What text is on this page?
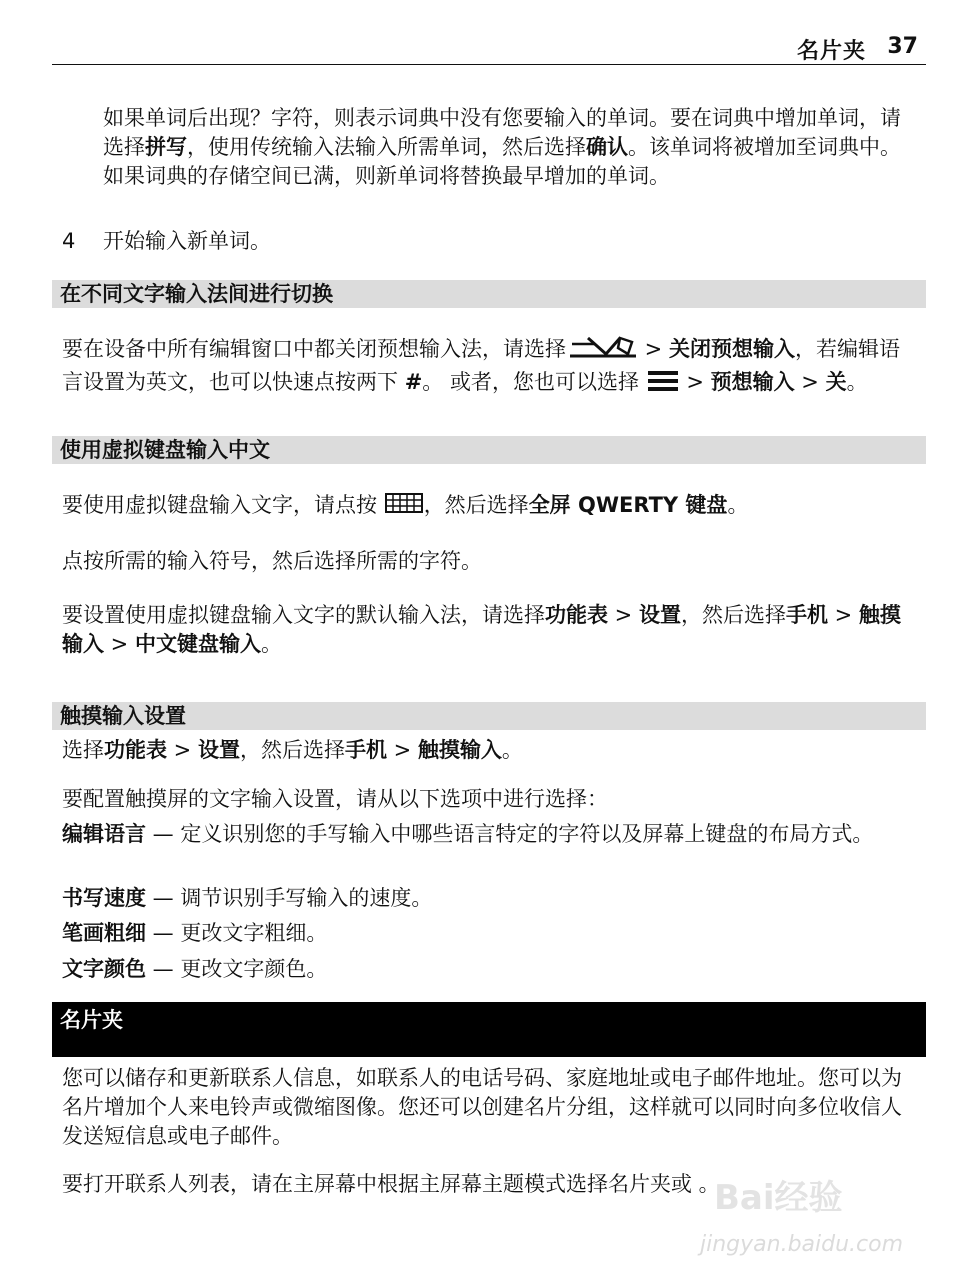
名片夹 37

如果单词后出现？字符，则表示词典中没有您要输入的单词。要在词典中增加单词，请选择拼写，使用传统输入法输入所需单词，然后选择确认。该单词将被增加至词典中。如果词典的存储空间已满，则新单词将替换最早增加的单词。

4 开始输入新单词。

在不同文字输入法间进行切换

要在设备中所有编辑窗口中都关闭预想输入法，请选择	> 关闭预想输入，若编辑语言设置为英文，也可以快速点按两下 #。 或者，您也可以选择  > 预想输入 > 关。

使用虚拟键盘输入中文

要使用虚拟键盘输入文字，请点按 ，然后选择全屏 QWERTY 键盘。

点按所需的输入符号，然后选择所需的字符。

要设置使用虚拟键盘输入文字的默认输入法，请选择功能表 > 设置，然后选择手机 > 触摸输入 > 中文键盘输入。

触摸输入设置

选择功能表 > 设置，然后选择手机 > 触摸输入。

要配置触摸屏的文字输入设置，请从以下选项中进行选择：

编辑语言 — 定义识别您的手写输入中哪些语言特定的字符以及屏幕上键盘的布局方式。

书写速度 — 调节识别手写输入的速度。

笔画粗细 — 更改文字粗细。

文字颜色 — 更改文字颜色。

名片夹

您可以储存和更新联系人信息，如联系人的电话号码、家庭地址或电子邮件地址。您可以为名片增加个人来电铃声或微缩图像。您还可以创建名片分组，这样就可以同时向多位收信人发送短信息或电子邮件。

要打开联系人列表，请在主屏幕中根据主屏幕主题模式选择名片夹或 。

Bai经验
jingyan.baidu.com
